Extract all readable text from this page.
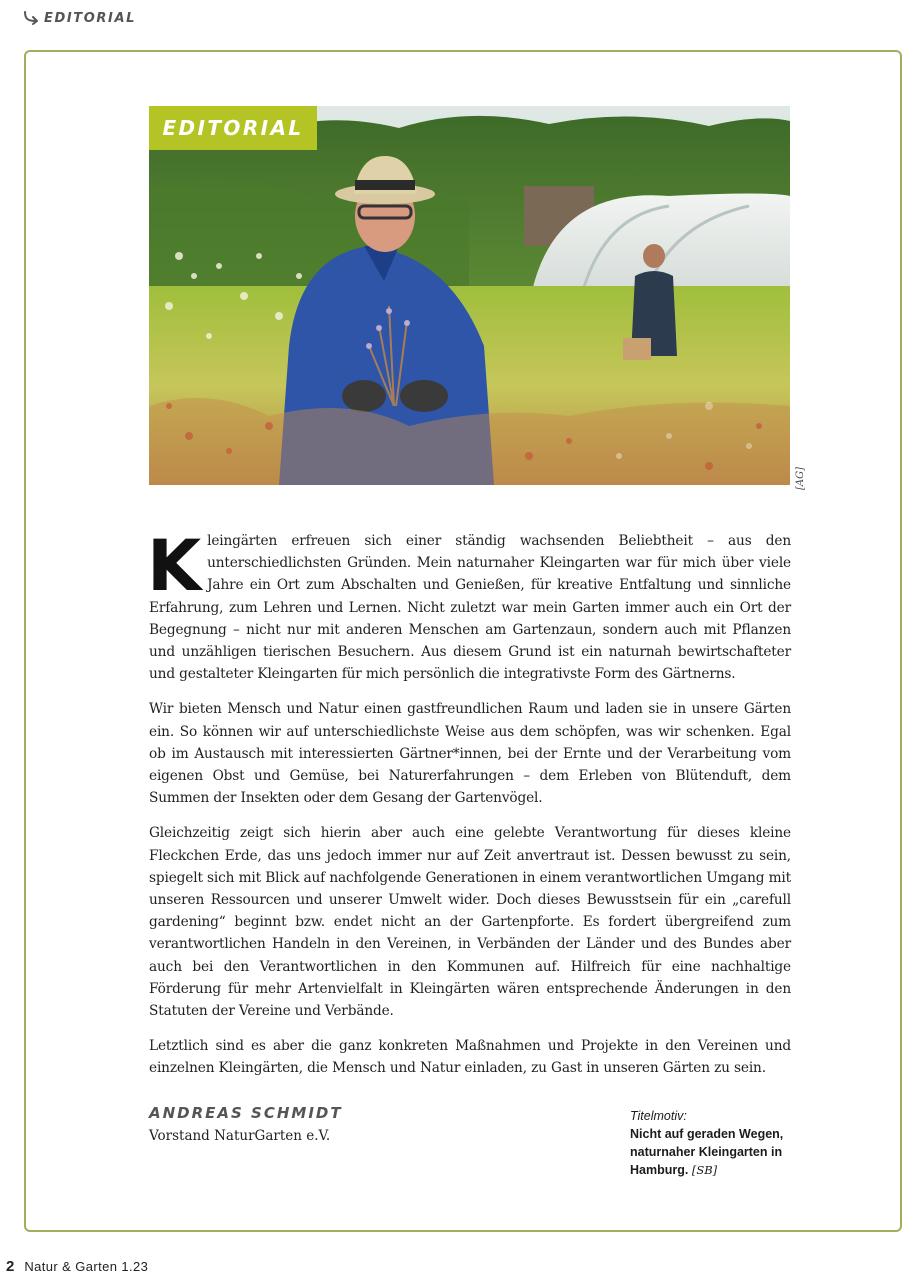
EDITORIAL
EDITORIAL
[AG]

Kleingärten erfreuen sich einer ständig wachsenden Beliebtheit – aus den unterschiedlichsten Gründen. Mein naturnaher Kleingarten war für mich über viele Jahre ein Ort zum Abschalten und Genießen, für kreative Entfaltung und sinnliche Erfahrung, zum Lehren und Lernen. Nicht zuletzt war mein Garten immer auch ein Ort der Begegnung – nicht nur mit anderen Menschen am Gartenzaun, sondern auch mit Pflanzen und unzähligen tierischen Besuchern. Aus diesem Grund ist ein naturnah bewirtschafteter und gestalteter Kleingarten für mich persönlich die integrativste Form des Gärtnerns.

Wir bieten Mensch und Natur einen gastfreundlichen Raum und laden sie in unsere Gärten ein. So können wir auf unterschiedlichste Weise aus dem schöpfen, was wir schenken. Egal ob im Austausch mit interessierten Gärtner*innen, bei der Ernte und der Verarbeitung vom eigenen Obst und Gemüse, bei Naturerfahrungen – dem Erleben von Blütenduft, dem Summen der Insekten oder dem Gesang der Gartenvögel.

Gleichzeitig zeigt sich hierin aber auch eine gelebte Verantwortung für dieses kleine Fleckchen Erde, das uns jedoch immer nur auf Zeit anvertraut ist. Dessen bewusst zu sein, spiegelt sich mit Blick auf nachfolgende Generationen in einem verantwortlichen Umgang mit unseren Ressourcen und unserer Umwelt wider. Doch dieses Bewusstsein für ein „carefull gardening“ beginnt bzw. endet nicht an der Gartenpforte. Es fordert übergreifend zum verantwortlichen Handeln in den Vereinen, in Verbänden der Länder und des Bundes aber auch bei den Verantwortlichen in den Kommunen auf. Hilfreich für eine nachhaltige Förderung für mehr Artenvielfalt in Kleingärten wären entsprechende Änderungen in den Statuten der Vereine und Verbände.

Letztlich sind es aber die ganz konkreten Maßnahmen und Projekte in den Vereinen und einzelnen Kleingärten, die Mensch und Natur einladen, zu Gast in unseren Gärten zu sein.

ANDREAS SCHMIDT
Vorstand NaturGarten e.V.
Titelmotiv:
Nicht auf geraden Wegen, naturnaher Kleingarten in Hamburg. [SB]
2 Natur & Garten 1.23
